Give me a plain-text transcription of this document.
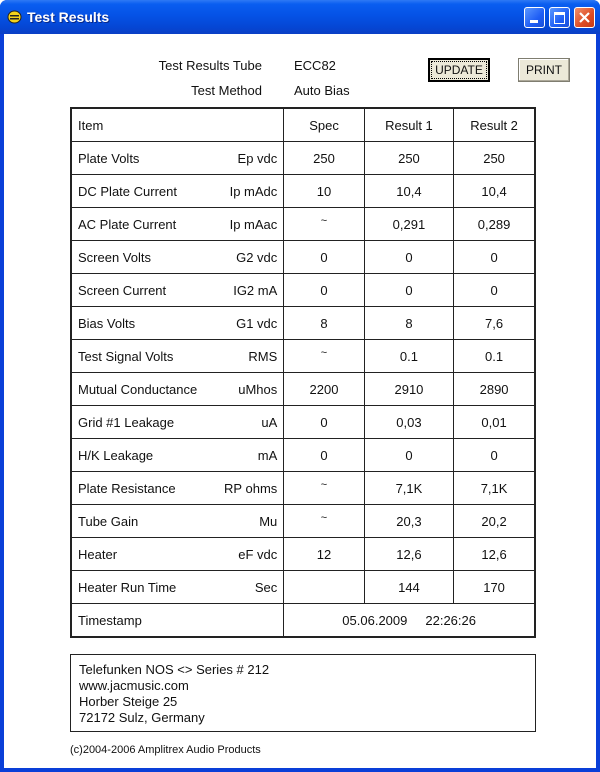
Test Results
Test Results Tube ECC82
Test Method Auto Bias
UPDATE	PRINT
Item	Spec	Result 1	Result 2

Plate Volts Ep vdc	250	250	250

DC Plate Current Ip mAdc	10	10,4	10,4

AC Plate Current Ip mAac	~	0,291	0,289

Screen Volts G2 vdc	0	0	0

Screen Current IG2 mA	0	0	0

Bias Volts G1 vdc	8	8	7,6

Test Signal Volts RMS	~	0.1	0.1

Mutual Conductance uMhos	2200	2910	2890

Grid #1 Leakage uA	0	0,03	0,01

H/K Leakage mA	0	0	0

Plate Resistance RP ohms	~	7,1K	7,1K

Tube Gain Mu	~	20,3	20,2

Heater eF vdc	12	12,6	12,6

Heater Run Time Sec		144	170

Timestamp	05.06.2009 22:26:26		
Telefunken NOS <> Series # 212
www.jacmusic.com
Horber Steige 25
72172 Sulz, Germany
(c)2004-2006 Amplitrex Audio Products
